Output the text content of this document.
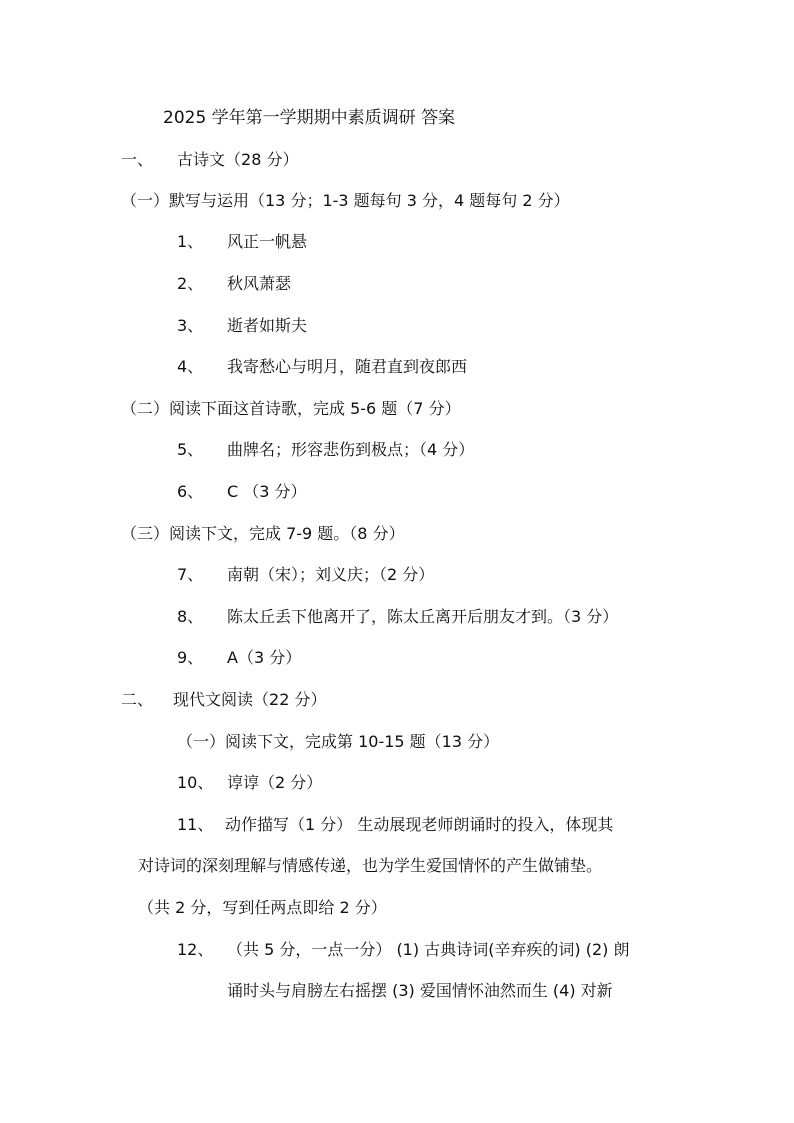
2025 学年第一学期期中素质调研 答案
一、 古诗文（28 分）
（一）默写与运用（13 分；1-3 题每句 3 分，4 题每句 2 分）
1、 风正一帆悬
2、 秋风萧瑟
3、 逝者如斯夫
4、 我寄愁心与明月，随君直到夜郎西
（二）阅读下面这首诗歌，完成 5-6 题（7 分）
5、 曲牌名；形容悲伤到极点；（4 分）
6、 C （3 分）
（三）阅读下文，完成 7-9 题。（8 分）
7、 南朝（宋）；刘义庆；（2 分）
8、 陈太丘丢下他离开了，陈太丘离开后朋友才到。（3 分）
9、 A（3 分）
二、 现代文阅读（22 分）
（一）阅读下文，完成第 10-15 题（13 分）
10、 谆谆（2 分）
11、 动作描写（1 分） 生动展现老师朗诵时的投入，体现其
对诗词的深刻理解与情感传递，也为学生爱国情怀的产生做铺垫。
（共 2 分，写到任两点即给 2 分）
12、 （共 5 分，一点一分） (1) 古典诗词(辛弃疾的词) (2) 朗
诵时头与肩膀左右摇摆 (3) 爱国情怀油然而生 (4) 对新
